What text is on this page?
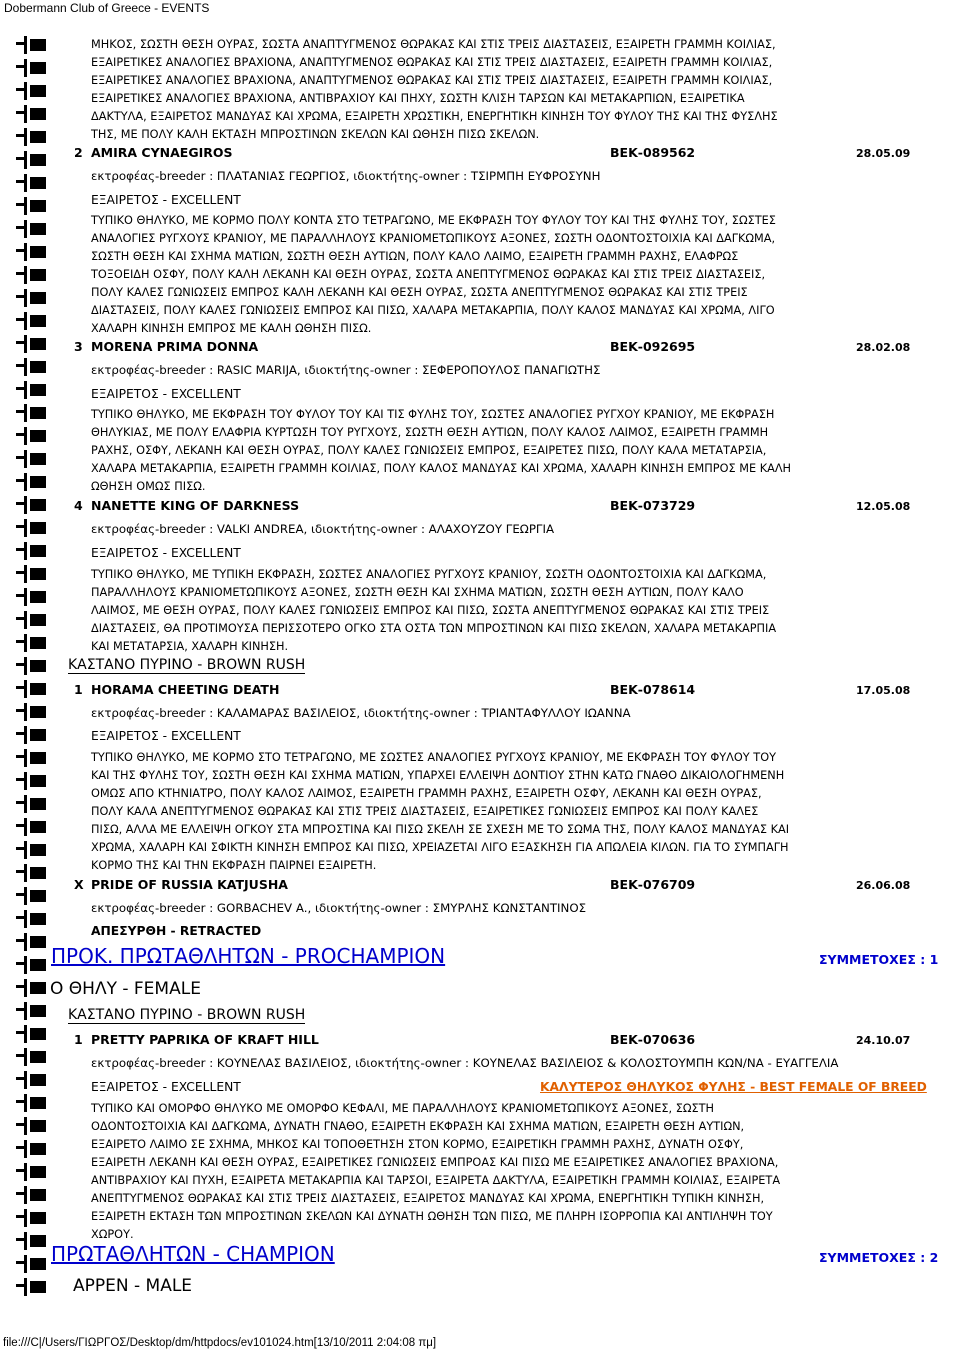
Dobermann Club of Greece - EVENTS
ΜΗΚΟΣ, ΣΩΣΤΗ ΘΕΣΗ ΟΥΡΑΣ, ΣΩΣΤΑ ΑΝΑΠΤΥΓΜΕΝΟΣ ΘΩΡΑΚΑΣ ΚΑΙ ΣΤΙΣ ΤΡΕΙΣ ΔΙΑΣΤΑΣΕΙΣ, ΕΞΑΙΡΕΤΗ ΓΡΑΜΜΗ ΚΟΙΛΙΑΣ,
ΕΞΑΙΡΕΤΙΚΕΣ ΑΝΑΛΟΓΙΕΣ ΒΡΑΧΙΟΝΑ, ΑΝΑΠΤΥΓΜΕΝΟΣ ΘΩΡΑΚΑΣ ΚΑΙ ΣΤΙΣ ΤΡΕΙΣ ΔΙΑΣΤΑΣΕΙΣ, ΕΞΑΙΡΕΤΗ ΓΡΑΜΜΗ ΚΟΙΛΙΑΣ,
ΕΞΑΙΡΕΤΙΚΕΣ ΑΝΑΛΟΓΙΕΣ ΒΡΑΧΙΟΝΑ, ΑΝΑΠΤΥΓΜΕΝΟΣ ΘΩΡΑΚΑΣ ΚΑΙ ΣΤΙΣ ΤΡΕΙΣ ΔΙΑΣΤΑΣΕΙΣ, ΕΞΑΙΡΕΤΗ ΓΡΑΜΜΗ ΚΟΙΛΙΑΣ,
ΕΞΑΙΡΕΤΙΚΕΣ ΑΝΑΛΟΓΙΕΣ ΒΡΑΧΙΟΝΑ, ΑΝΤΙΒΡΑΧΙΟΥ ΚΑΙ ΠΗΧΥ, ΣΩΣΤΗ ΚΛΙΣΗ ΤΑΡΣΩΝ ΚΑΙ ΜΕΤΑΚΑΡΠΙΩΝ, ΕΞΑΙΡΕΤΙΚΑ
ΔΑΚΤΥΛΑ, ΕΞΑΙΡΕΤΟΣ ΜΑΝΔΥΑΣ ΚΑΙ ΧΡΩΜΑ, ΕΞΑΙΡΕΤΗ ΧΡΩΣΤΙΚΗ, ΕΝΕΡΓΗΤΙΚΗ ΚΙΝΗΣΗ ΤΟΥ ΦΥΛΟΥ ΤΗΣ ΚΑΙ ΤΗΣ ΦΥΣΛΗΣ
ΤΗΣ, ΜΕ ΠΟΛΥ ΚΑΛΗ ΕΚΤΑΣΗ ΜΠΡΟΣΤΙΝΩΝ ΣΚΕΛΩΝ ΚΑΙ ΩΘΗΣΗ ΠΙΣΩ ΣΚΕΛΩΝ.
2 AMIRA CYNAEGIROS	ΒΕΚ-089562	28.05.09
εκτροφέας-breeder : ΠΛΑΤΑΝΙΑΣ ΓΕΩΡΓΙΟΣ, ιδιοκτήτης-owner : ΤΣΙΡΜΠΗ ΕΥΦΡΟΣΥΝΗ
ΕΞΑΙΡΕΤΟΣ - EXCELLENT
ΤΥΠΙΚΟ ΘΗΛΥΚΟ, ΜΕ ΚΟΡΜΟ ΠΟΛΥ ΚΟΝΤΑ ΣΤΟ ΤΕΤΡΑΓΩΝΟ, ΜΕ ΕΚΦΡΑΣΗ ΤΟΥ ΦΥΛΟΥ ΤΟΥ ΚΑΙ ΤΗΣ ΦΥΛΗΣ ΤΟΥ, ΣΩΣΤΕΣ
ΑΝΑΛΟΓΙΕΣ ΡΥΓΧΟΥΣ ΚΡΑΝΙΟΥ, ΜΕ ΠΑΡΑΛΛΗΛΟΥΣ ΚΡΑΝΙΟΜΕΤΩΠΙΚΟΥΣ ΑΞΟΝΕΣ, ΣΩΣΤΗ ΟΔΟΝΤΟΣΤΟΙΧΙΑ ΚΑΙ ΔΑΓΚΩΜΑ,
ΣΩΣΤΗ ΘΕΣΗ ΚΑΙ ΣΧΗΜΑ ΜΑΤΙΩΝ, ΣΩΣΤΗ ΘΕΣΗ ΑΥΤΙΩΝ, ΠΟΛΥ ΚΑΛΟ ΛΑΙΜΟ, ΕΞΑΙΡΕΤΗ ΓΡΑΜΜΗ ΡΑΧΗΣ, ΕΛΑΦΡΩΣ
ΤΟΞΟΕΙΔΗ ΟΣΦΥ, ΠΟΛΥ ΚΑΛΗ ΛΕΚΑΝΗ ΚΑΙ ΘΕΣΗ ΟΥΡΑΣ, ΣΩΣΤΑ ΑΝΕΠΤΥΓΜΕΝΟΣ ΘΩΡΑΚΑΣ ΚΑΙ ΣΤΙΣ ΤΡΕΙΣ ΔΙΑΣΤΑΣΕΙΣ,
ΠΟΛΥ ΚΑΛΕΣ ΓΩΝΙΩΣΕΙΣ ΕΜΠΡΟΣ ΚΑΛΗ ΛΕΚΑΝΗ ΚΑΙ ΘΕΣΗ ΟΥΡΑΣ, ΣΩΣΤΑ ΑΝΕΠΤΥΓΜΕΝΟΣ ΘΩΡΑΚΑΣ ΚΑΙ ΣΤΙΣ ΤΡΕΙΣ
ΔΙΑΣΤΑΣΕΙΣ, ΠΟΛΥ ΚΑΛΕΣ ΓΩΝΙΩΣΕΙΣ ΕΜΠΡΟΣ ΚΑΙ ΠΙΣΩ, ΧΑΛΑΡΑ ΜΕΤΑΚΑΡΠΙΑ, ΠΟΛΥ ΚΑΛΟΣ ΜΑΝΔΥΑΣ ΚΑΙ ΧΡΩΜΑ, ΛΙΓΟ
ΧΑΛΑΡΗ ΚΙΝΗΣΗ ΕΜΠΡΟΣ ΜΕ ΚΑΛΗ ΩΘΗΣΗ ΠΙΣΩ.
3 MORENA PRIMA DONNA	ΒΕΚ-092695	28.02.08
εκτροφέας-breeder : RASIC MARIJA, ιδιοκτήτης-owner : ΣΕΦΕΡΟΠΟΥΛΟΣ ΠΑΝΑΓΙΩΤΗΣ
ΕΞΑΙΡΕΤΟΣ - EXCELLENT
ΤΥΠΙΚΟ ΘΗΛΥΚΟ, ΜΕ ΕΚΦΡΑΣΗ ΤΟΥ ΦΥΛΟΥ ΤΟΥ ΚΑΙ ΤΙΣ ΦΥΛΗΣ ΤΟΥ, ΣΩΣΤΕΣ ΑΝΑΛΟΓΙΕΣ ΡΥΓΧΟΥ ΚΡΑΝΙΟΥ, ΜΕ ΕΚΦΡΑΣΗ
ΘΗΛΥΚΙΑΣ, ΜΕ ΠΟΛΥ ΕΛΑΦΡΙΑ ΚΥΡΤΩΣΗ ΤΟΥ ΡΥΓΧΟΥΣ, ΣΩΣΤΗ ΘΕΣΗ ΑΥΤΙΩΝ, ΠΟΛΥ ΚΑΛΟΣ ΛΑΙΜΟΣ, ΕΞΑΙΡΕΤΗ ΓΡΑΜΜΗ
ΡΑΧΗΣ, ΟΣΦΥ, ΛΕΚΑΝΗ ΚΑΙ ΘΕΣΗ ΟΥΡΑΣ, ΠΟΛΥ ΚΑΛΕΣ ΓΩΝΙΩΣΕΙΣ ΕΜΠΡΟΣ, ΕΞΑΙΡΕΤΕΣ ΠΙΣΩ, ΠΟΛΥ ΚΑΛΑ ΜΕΤΑΤΑΡΣΙΑ,
ΧΑΛΑΡΑ ΜΕΤΑΚΑΡΠΙΑ, ΕΞΑΙΡΕΤΗ ΓΡΑΜΜΗ ΚΟΙΛΙΑΣ, ΠΟΛΥ ΚΑΛΟΣ ΜΑΝΔΥΑΣ ΚΑΙ ΧΡΩΜΑ, ΧΑΛΑΡΗ ΚΙΝΗΣΗ ΕΜΠΡΟΣ ΜΕ ΚΑΛΗ
ΩΘΗΣΗ ΟΜΩΣ ΠΙΣΩ.
4 NANETTE KING OF DARKNESS	ΒΕΚ-073729	12.05.08
εκτροφέας-breeder : VALKI ANDREA, ιδιοκτήτης-owner : ΑΛΑΧΟΥΖΟΥ ΓΕΩΡΓΙΑ
ΕΞΑΙΡΕΤΟΣ - EXCELLENT
ΤΥΠΙΚΟ ΘΗΛΥΚΟ, ΜΕ ΤΥΠΙΚΗ ΕΚΦΡΑΣΗ, ΣΩΣΤΕΣ ΑΝΑΛΟΓΙΕΣ ΡΥΓΧΟΥΣ ΚΡΑΝΙΟΥ, ΣΩΣΤΗ ΟΔΟΝΤΟΣΤΟΙΧΙΑ ΚΑΙ ΔΑΓΚΩΜΑ,
ΠΑΡΑΛΛΗΛΟΥΣ ΚΡΑΝΙΟΜΕΤΩΠΙΚΟΥΣ ΑΞΟΝΕΣ, ΣΩΣΤΗ ΘΕΣΗ ΚΑΙ ΣΧΗΜΑ ΜΑΤΙΩΝ, ΣΩΣΤΗ ΘΕΣΗ ΑΥΤΙΩΝ, ΠΟΛΥ ΚΑΛΟ
ΛΑΙΜΟΣ, ΜΕ ΘΕΣΗ ΟΥΡΑΣ, ΠΟΛΥ ΚΑΛΕΣ ΓΩΝΙΩΣΕΙΣ ΕΜΠΡΟΣ ΚΑΙ ΠΙΣΩ, ΣΩΣΤΑ ΑΝΕΠΤΥΓΜΕΝΟΣ ΘΩΡΑΚΑΣ ΚΑΙ ΣΤΙΣ ΤΡΕΙΣ
ΔΙΑΣΤΑΣΕΙΣ, ΘΑ ΠΡΟΤΙΜΟΥΣΑ ΠΕΡΙΣΣΟΤΕΡΟ ΟΓΚΟ ΣΤΑ ΟΣΤΑ ΤΩΝ ΜΠΡΟΣΤΙΝΩΝ ΚΑΙ ΠΙΣΩ ΣΚΕΛΩΝ, ΧΑΛΑΡΑ ΜΕΤΑΚΑΡΠΙΑ
ΚΑΙ ΜΕΤΑΤΑΡΣΙΑ, ΧΑΛΑΡΗ ΚΙΝΗΣΗ.
ΚΑΣΤΑΝΟ ΠΥΡΙΝΟ - BROWN RUSH
1 HORAMA CHEETING DEATH	ΒΕΚ-078614	17.05.08
εκτροφέας-breeder : ΚΑΛΑΜΑΡΑΣ ΒΑΣΙΛΕΙΟΣ, ιδιοκτήτης-owner : ΤΡΙΑΝΤΑΦΥΛΛΟΥ ΙΩΑΝΝΑ
ΕΞΑΙΡΕΤΟΣ - EXCELLENT
ΤΥΠΙΚΟ ΘΗΛΥΚΟ, ΜΕ ΚΟΡΜΟ ΣΤΟ ΤΕΤΡΑΓΩΝΟ, ΜΕ ΣΩΣΤΕΣ ΑΝΑΛΟΓΙΕΣ ΡΥΓΧΟΥΣ ΚΡΑΝΙΟΥ, ΜΕ ΕΚΦΡΑΣΗ ΤΟΥ ΦΥΛΟΥ ΤΟΥ
ΚΑΙ ΤΗΣ ΦΥΛΗΣ ΤΟΥ, ΣΩΣΤΗ ΘΕΣΗ ΚΑΙ ΣΧΗΜΑ ΜΑΤΙΩΝ, ΥΠΑΡΧΕΙ ΕΛΛΕΙΨΗ ΔΟΝΤΙΟΥ ΣΤΗΝ ΚΑΤΩ ΓΝΑΘΟ ΔΙΚΑΙΟΛΟΓΗΜΕΝΗ
ΟΜΩΣ ΑΠΟ ΚΤΗΝΙΑΤΡΟ, ΠΟΛΥ ΚΑΛΟΣ ΛΑΙΜΟΣ, ΕΞΑΙΡΕΤΗ ΓΡΑΜΜΗ ΡΑΧΗΣ, ΕΞΑΙΡΕΤΗ ΟΣΦΥ, ΛΕΚΑΝΗ ΚΑΙ ΘΕΣΗ ΟΥΡΑΣ,
ΠΟΛΥ ΚΑΛΑ ΑΝΕΠΤΥΓΜΕΝΟΣ ΘΩΡΑΚΑΣ ΚΑΙ ΣΤΙΣ ΤΡΕΙΣ ΔΙΑΣΤΑΣΕΙΣ, ΕΞΑΙΡΕΤΙΚΕΣ ΓΩΝΙΩΣΕΙΣ ΕΜΠΡΟΣ ΚΑΙ ΠΟΛΥ ΚΑΛΕΣ
ΠΙΣΩ, ΑΛΛΑ ΜΕ ΕΛΛΕΙΨΗ ΟΓΚΟΥ ΣΤΑ ΜΠΡΟΣΤΙΝΑ ΚΑΙ ΠΙΣΩ ΣΚΕΛΗ ΣΕ ΣΧΕΣΗ ΜΕ ΤΟ ΣΩΜΑ ΤΗΣ, ΠΟΛΥ ΚΑΛΟΣ ΜΑΝΔΥΑΣ ΚΑΙ
ΧΡΩΜΑ, ΧΑΛΑΡΗ ΚΑΙ ΣΦΙΚΤΗ ΚΙΝΗΣΗ ΕΜΠΡΟΣ ΚΑΙ ΠΙΣΩ, ΧΡΕΙΑΖΕΤΑΙ ΛΙΓΟ ΕΞΑΣΚΗΣΗ ΓΙΑ ΑΠΩΛΕΙΑ ΚΙΛΩΝ. ΓΙΑ ΤΟ ΣΥΜΠΑΓΗ
ΚΟΡΜΟ ΤΗΣ ΚΑΙ ΤΗΝ ΕΚΦΡΑΣΗ ΠΑΙΡΝΕΙ ΕΞΑΙΡΕΤΗ.
X PRIDE OF RUSSIA KATJUSHA	ΒΕΚ-076709	26.06.08
εκτροφέας-breeder : GORBACHEV A., ιδιοκτήτης-owner : ΣΜΥΡΛΗΣ ΚΩΝΣΤΑΝΤΙΝΟΣ
ΑΠΕΣΥΡΘΗ - RETRACTED
ΠΡΟΚ. ΠΡΩΤΑΘΛΗΤΩΝ - PROCHAMPION	ΣΥΜΜΕΤΟΧΕΣ : 1
Ο ΘΗΛΥ - FEMALE
ΚΑΣΤΑΝΟ ΠΥΡΙΝΟ - BROWN RUSH
1 PRETTY PAPRIKA OF KRAFT HILL	ΒΕΚ-070636	24.10.07
εκτροφέας-breeder : ΚΟΥΝΕΛΑΣ ΒΑΣΙΛΕΙΟΣ, ιδιοκτήτης-owner : ΚΟΥΝΕΛΑΣ ΒΑΣΙΛΕΙΟΣ & ΚΟΛΟΣΤΟΥΜΠΗ ΚΩΝ/ΝΑ - ΕΥΑΓΓΕΛΙΑ
ΕΞΑΙΡΕΤΟΣ - EXCELLENT	ΚΑΛΥΤΕΡΟΣ ΘΗΛΥΚΟΣ ΦΥΛΗΣ - BEST FEMALE OF BREED
ΤΥΠΙΚΟ ΚΑΙ ΟΜΟΡΦΟ ΘΗΛΥΚΟ ΜΕ ΟΜΟΡΦΟ ΚΕΦΑΛΙ, ΜΕ ΠΑΡΑΛΛΗΛΟΥΣ ΚΡΑΝΙΟΜΕΤΩΠΙΚΟΥΣ ΑΞΟΝΕΣ, ΣΩΣΤΗ
ΟΔΟΝΤΟΣΤΟΙΧΙΑ ΚΑΙ ΔΑΓΚΩΜΑ, ΔΥΝΑΤΗ ΓΝΑΘΟ, ΕΞΑΙΡΕΤΗ ΕΚΦΡΑΣΗ ΚΑΙ ΣΧΗΜΑ ΜΑΤΙΩΝ, ΕΞΑΙΡΕΤΗ ΘΕΣΗ ΑΥΤΙΩΝ,
ΕΞΑΙΡΕΤΟ ΛΑΙΜΟ ΣΕ ΣΧΗΜΑ, ΜΗΚΟΣ ΚΑΙ ΤΟΠΟΘΕΤΗΣΗ ΣΤΟΝ ΚΟΡΜΟ, ΕΞΑΙΡΕΤΙΚΗ ΓΡΑΜΜΗ ΡΑΧΗΣ, ΔΥΝΑΤΗ ΟΣΦΥ,
ΕΞΑΙΡΕΤΗ ΛΕΚΑΝΗ ΚΑΙ ΘΕΣΗ ΟΥΡΑΣ, ΕΞΑΙΡΕΤΙΚΕΣ ΓΩΝΙΩΣΕΙΣ ΕΜΠΡΟΑΣ ΚΑΙ ΠΙΣΩ ΜΕ ΕΞΑΙΡΕΤΙΚΕΣ ΑΝΑΛΟΓΙΕΣ ΒΡΑΧΙΟΝΑ,
ΑΝΤΙΒΡΑΧΙΟΥ ΚΑΙ ΠΥΧΗ, ΕΞΑΙΡΕΤΑ ΜΕΤΑΚΑΡΠΙΑ ΚΑΙ ΤΑΡΣΟΙ, ΕΞΑΙΡΕΤΑ ΔΑΚΤΥΛΑ, ΕΞΑΙΡΕΤΙΚΗ ΓΡΑΜΜΗ ΚΟΙΛΙΑΣ, ΕΞΑΙΡΕΤΑ
ΑΝΕΠΤΥΓΜΕΝΟΣ ΘΩΡΑΚΑΣ ΚΑΙ ΣΤΙΣ ΤΡΕΙΣ ΔΙΑΣΤΑΣΕΙΣ, ΕΞΑΙΡΕΤΟΣ ΜΑΝΔΥΑΣ ΚΑΙ ΧΡΩΜΑ, ΕΝΕΡΓΗΤΙΚΗ ΤΥΠΙΚΗ ΚΙΝΗΣΗ,
ΕΞΑΙΡΕΤΗ ΕΚΤΑΣΗ ΤΩΝ ΜΠΡΟΣΤΙΝΩΝ ΣΚΕΛΩΝ ΚΑΙ ΔΥΝΑΤΗ ΩΘΗΣΗ ΤΩΝ ΠΙΣΩ, ΜΕ ΠΛΗΡΗ ΙΣΟΡΡΟΠΙΑ ΚΑΙ ΑΝΤΙΛΗΨΗ ΤΟΥ
ΧΩΡΟΥ.
ΠΡΩΤΑΘΛΗΤΩΝ - CHAMPION	ΣΥΜΜΕΤΟΧΕΣ : 2
ΑΡΡΕΝ - MALE
file:///C|/Users/ΓΙΩΡΓΟΣ/Desktop/dm/httpdocs/ev101024.htm[13/10/2011 2:04:08 πμ]
